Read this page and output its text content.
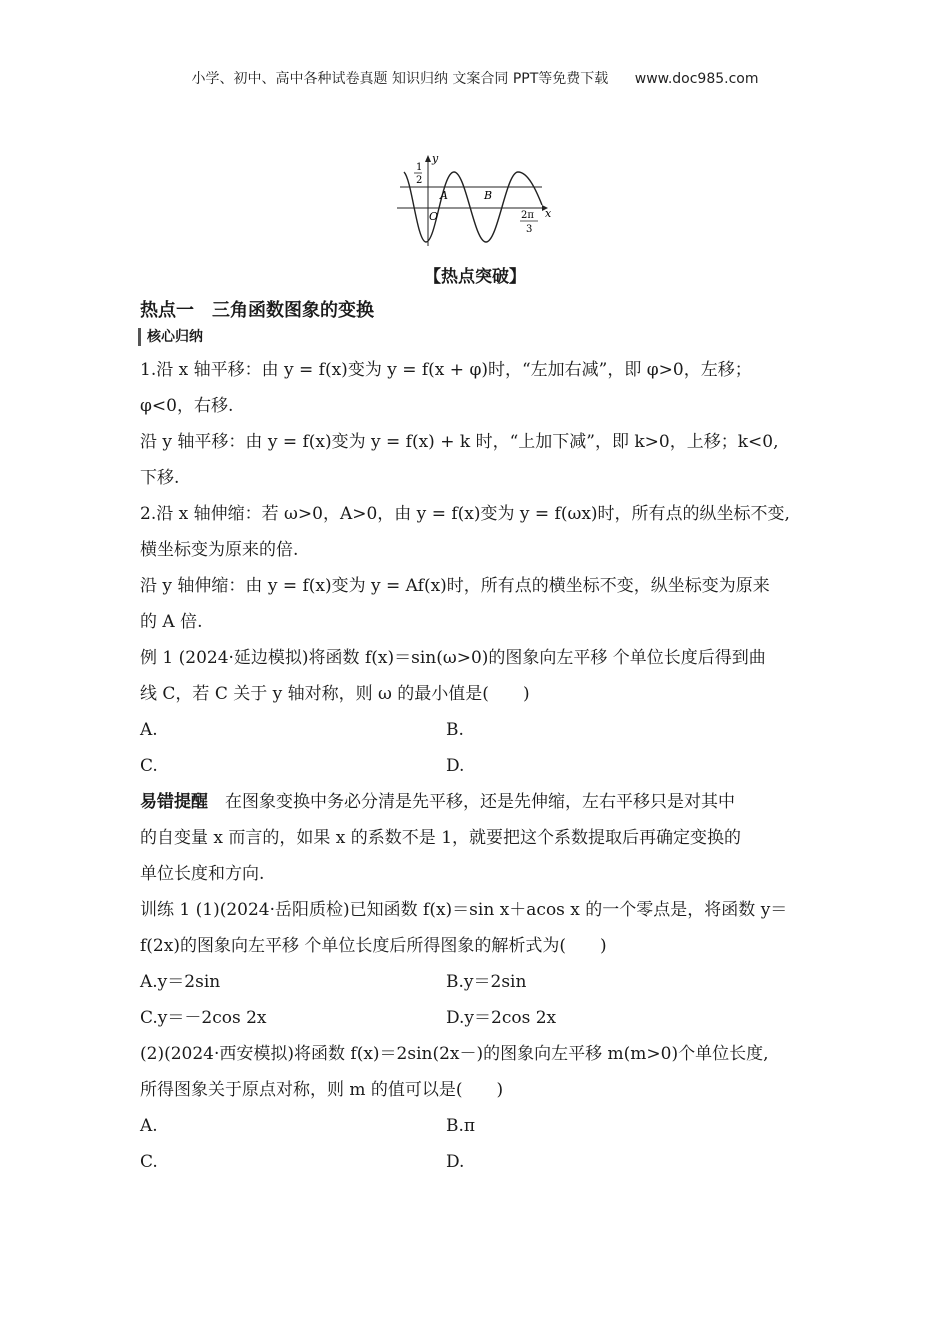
小学、初中、高中各种试卷真题 知识归纳 文案合同 PPT等免费下载 www.doc985.com
y
x
1
2
A	B
O	2π
3
【热点突破】
热点一　三角函数图象的变换
核心归纳

1.沿 x 轴平移：由 y = f(x)变为 y = f(x + φ)时，“左加右减”，即 φ>0，左移；

φ<0，右移.

沿 y 轴平移：由 y = f(x)变为 y = f(x) + k 时，“上加下减”，即 k>0，上移；k<0,

下移.

2.沿 x 轴伸缩：若 ω>0，A>0，由 y = f(x)变为 y = f(ωx)时，所有点的纵坐标不变,

横坐标变为原来的倍.

沿 y 轴伸缩：由 y = f(x)变为 y = Af(x)时，所有点的横坐标不变，纵坐标变为原来

的 A 倍.

例 1 (2024·延边模拟)将函数 f(x)＝sin(ω>0)的图象向左平移 个单位长度后得到曲

线 C，若 C 关于 y 轴对称，则 ω 的最小值是(　　)

A.	B.
C.	D.

易错提醒　在图象变换中务必分清是先平移，还是先伸缩，左右平移只是对其中

的自变量 x 而言的，如果 x 的系数不是 1，就要把这个系数提取后再确定变换的

单位长度和方向.

训练 1 (1)(2024·岳阳质检)已知函数 f(x)＝sin x＋acos x 的一个零点是，将函数 y＝

f(2x)的图象向左平移 个单位长度后所得图象的解析式为(　　)

A.y＝2sin	B.y＝2sin
C.y＝－2cos 2x	D.y＝2cos 2x

(2)(2024·西安模拟)将函数 f(x)＝2sin(2x－)的图象向左平移 m(m>0)个单位长度,

所得图象关于原点对称，则 m 的值可以是(　　)

A.	B.π
C.	D.
